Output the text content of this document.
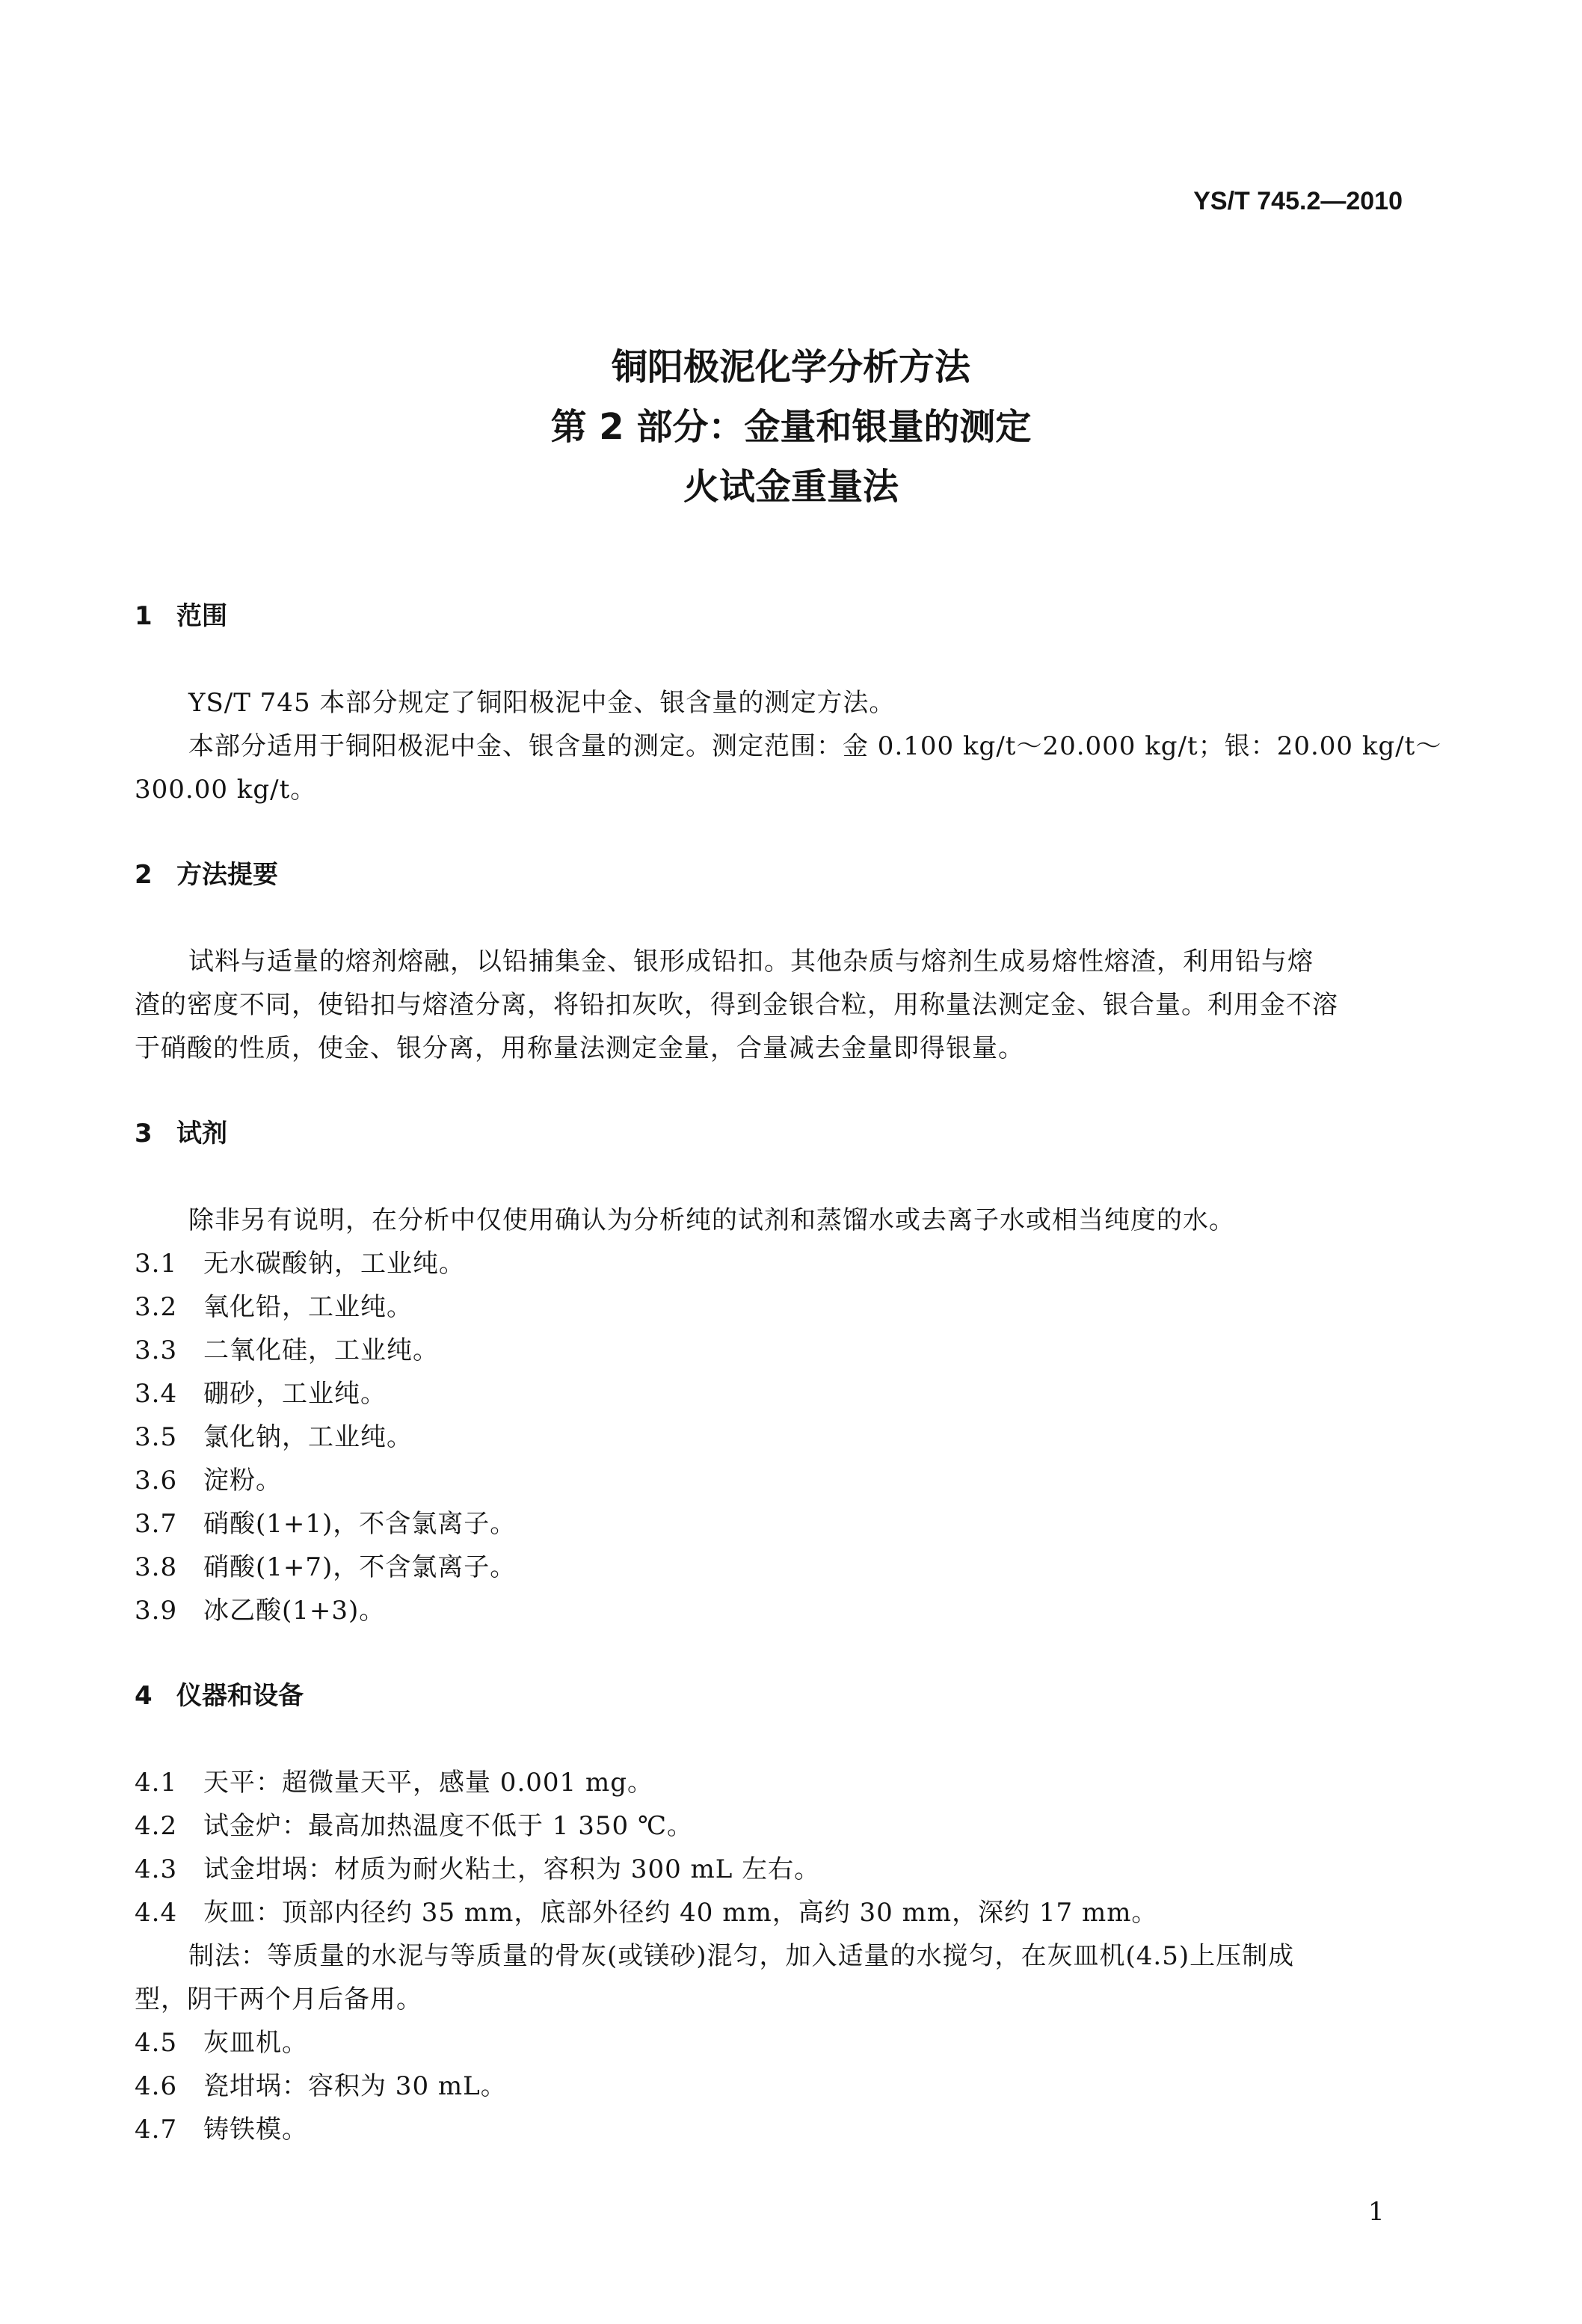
YS/T 745.2—2010
铜阳极泥化学分析方法
第 2 部分：金量和银量的测定
火试金重量法
1 范围
YS/T 745 本部分规定了铜阳极泥中金、银含量的测定方法。
本部分适用于铜阳极泥中金、银含量的测定。测定范围：金 0.100 kg/t～20.000 kg/t；银：20.00 kg/t～
300.00 kg/t。
2 方法提要
试料与适量的熔剂熔融，以铅捕集金、银形成铅扣。其他杂质与熔剂生成易熔性熔渣，利用铅与熔
渣的密度不同，使铅扣与熔渣分离，将铅扣灰吹，得到金银合粒，用称量法测定金、银合量。利用金不溶
于硝酸的性质，使金、银分离，用称量法测定金量，合量减去金量即得银量。
3 试剂
除非另有说明，在分析中仅使用确认为分析纯的试剂和蒸馏水或去离子水或相当纯度的水。
3.1 无水碳酸钠，工业纯。
3.2 氧化铅，工业纯。
3.3 二氧化硅，工业纯。
3.4 硼砂，工业纯。
3.5 氯化钠，工业纯。
3.6 淀粉。
3.7 硝酸(1+1)，不含氯离子。
3.8 硝酸(1+7)，不含氯离子。
3.9 冰乙酸(1+3)。
4 仪器和设备
4.1 天平：超微量天平，感量 0.001 mg。
4.2 试金炉：最高加热温度不低于 1 350 ℃。
4.3 试金坩埚：材质为耐火粘土，容积为 300 mL 左右。
4.4 灰皿：顶部内径约 35 mm，底部外径约 40 mm，高约 30 mm，深约 17 mm。
制法：等质量的水泥与等质量的骨灰(或镁砂)混匀，加入适量的水搅匀，在灰皿机(4.5)上压制成
型，阴干两个月后备用。
4.5 灰皿机。
4.6 瓷坩埚：容积为 30 mL。
4.7 铸铁模。
1
